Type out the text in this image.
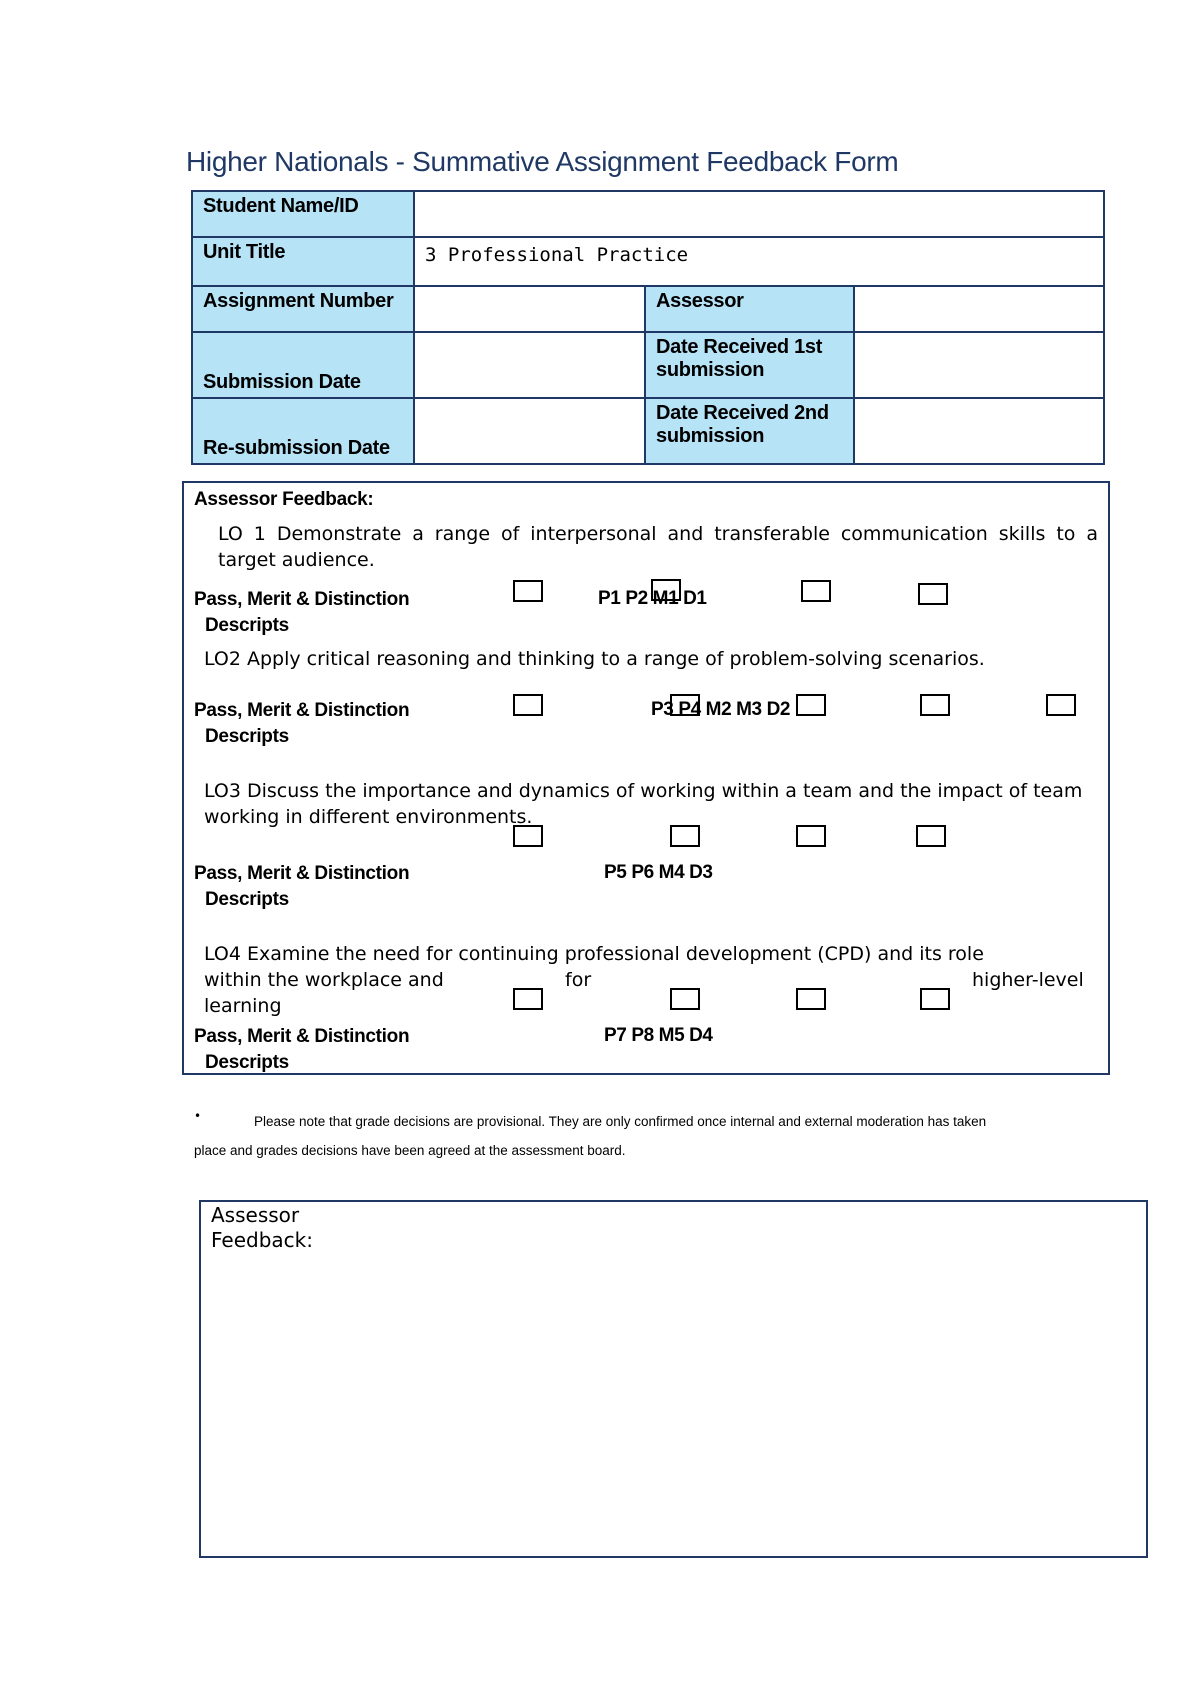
Higher Nationals - Summative Assignment Feedback Form
Student Name/ID			
Unit Title	3 Professional Practice		
Assignment Number		Assessor	
Submission Date		Date Received 1st submission	
Re-submission Date		Date Received 2nd submission	
Assessor Feedback:
LO 1 Demonstrate a range of interpersonal and transferable communication skills to a target audience.
Pass, Merit & Distinction
Descripts
P1 P2 M1 D1
LO2 Apply critical reasoning and thinking to a range of problem-solving scenarios.
Pass, Merit & Distinction
Descripts
P3 P4 M2 M3 D2
LO3 Discuss the importance and dynamics of working within a team and the impact of team working in different environments.
Pass, Merit & Distinction
Descripts
P5 P6 M4 D3
LO4 Examine the need for continuing professional development (CPD) and its role
within the workplace and	for	higher-level
learning
Pass, Merit & Distinction
Descripts
P7 P8 M5 D4
•	Please note that grade decisions are provisional. They are only confirmed once internal and external moderation has taken
place and grades decisions have been agreed at the assessment board.
Assessor Feedback:
